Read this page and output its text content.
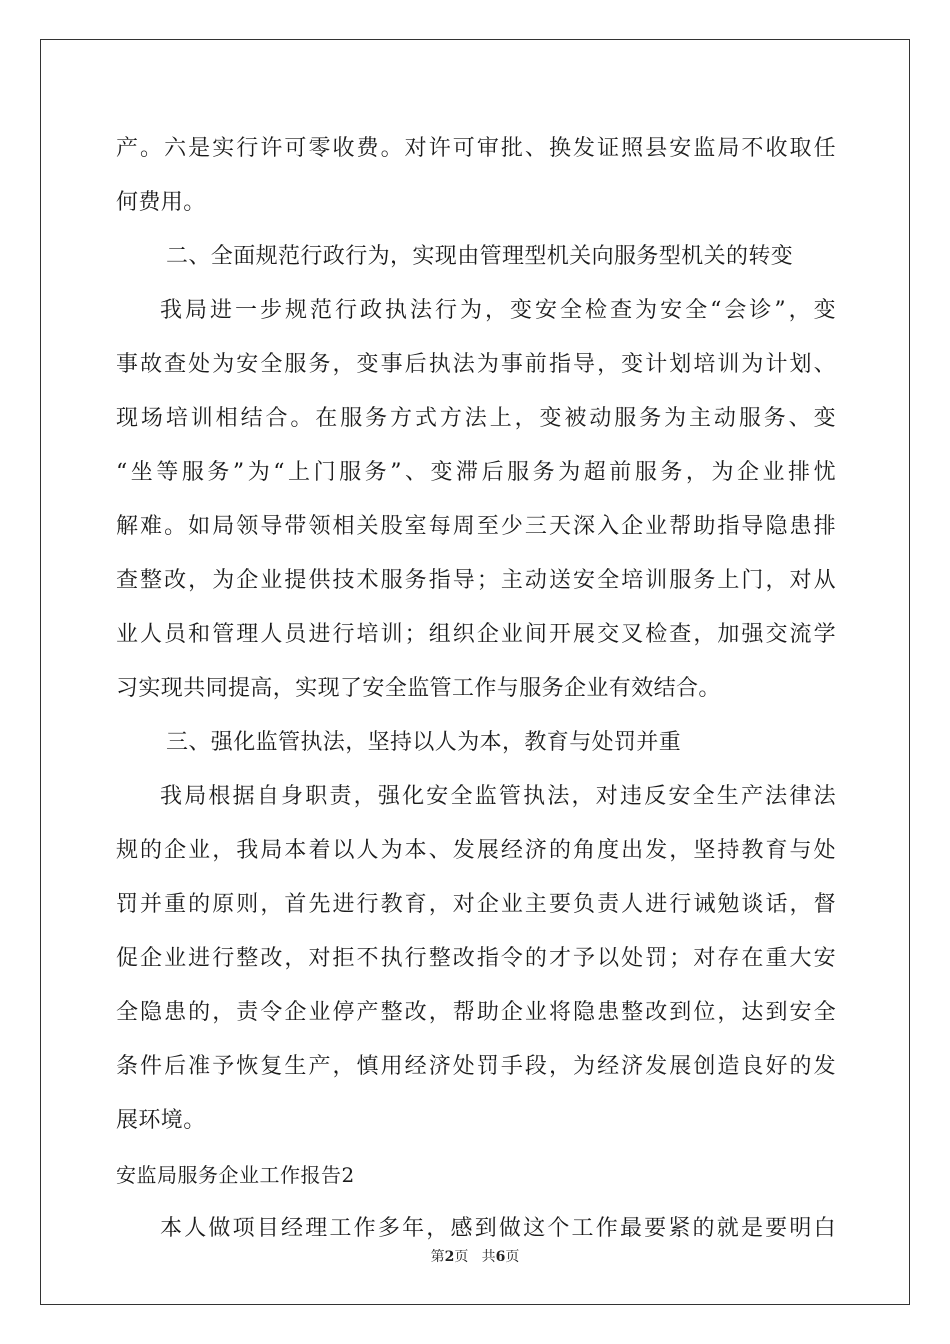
产。六是实行许可零收费。对许可审批、换发证照县安监局不收取任
何费用。
二、全面规范行政行为，实现由管理型机关向服务型机关的转变
我局进一步规范行政执法行为，变安全检查为安全“会诊”，变
事故查处为安全服务，变事后执法为事前指导，变计划培训为计划、
现场培训相结合。在服务方式方法上，变被动服务为主动服务、变
“坐等服务”为“上门服务”、变滞后服务为超前服务，为企业排忧
解难。如局领导带领相关股室每周至少三天深入企业帮助指导隐患排
查整改，为企业提供技术服务指导；主动送安全培训服务上门，对从
业人员和管理人员进行培训；组织企业间开展交叉检查，加强交流学
习实现共同提高，实现了安全监管工作与服务企业有效结合。
三、强化监管执法，坚持以人为本，教育与处罚并重
我局根据自身职责，强化安全监管执法，对违反安全生产法律法
规的企业，我局本着以人为本、发展经济的角度出发，坚持教育与处
罚并重的原则，首先进行教育，对企业主要负责人进行诫勉谈话，督
促企业进行整改，对拒不执行整改指令的才予以处罚；对存在重大安
全隐患的，责令企业停产整改，帮助企业将隐患整改到位，达到安全
条件后准予恢复生产，慎用经济处罚手段，为经济发展创造良好的发
展环境。
安监局服务企业工作报告2
本人做项目经理工作多年，感到做这个工作最要紧的就是要明白
第2页 共6页
